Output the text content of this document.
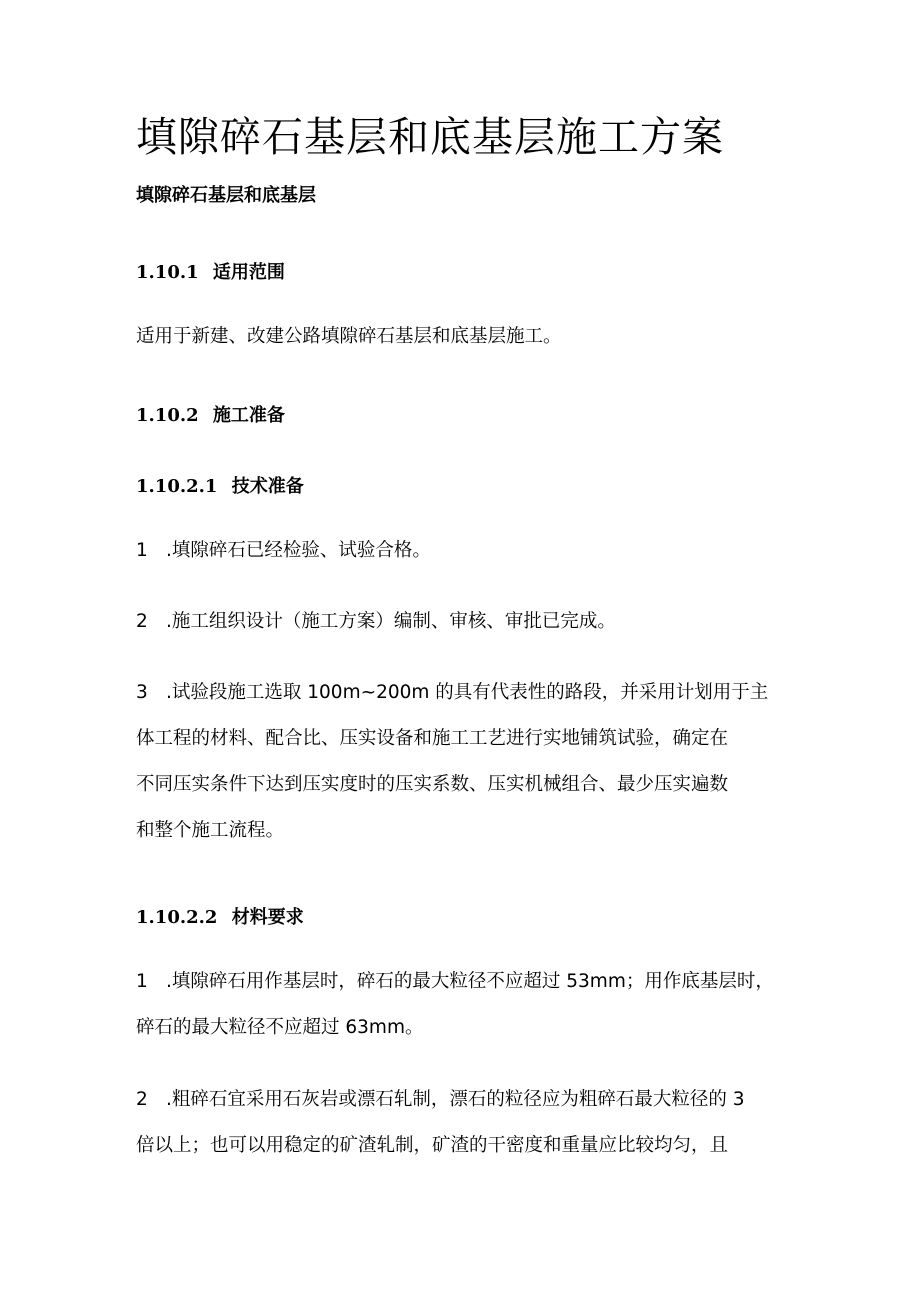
填隙碎石基层和底基层施工方案
填隙碎石基层和底基层
1.10.1 适用范围

适用于新建、改建公路填隙碎石基层和底基层施工。

1.10.2 施工准备
1.10.2.1 技术准备

1 .填隙碎石已经检验、试验合格。

2 .施工组织设计（施工方案）编制、审核、审批已完成。

3 .试验段施工选取 100m~200m 的具有代表性的路段，并采用计划用于主
体工程的材料、配合比、压实设备和施工工艺进行实地铺筑试验，确定在
不同压实条件下达到压实度时的压实系数、压实机械组合、最少压实遍数
和整个施工流程。

1.10.2.2 材料要求

1 .填隙碎石用作基层时，碎石的最大粒径不应超过 53mm；用作底基层时，
碎石的最大粒径不应超过 63mm。

2 .粗碎石宜采用石灰岩或漂石轧制，漂石的粒径应为粗碎石最大粒径的 3
倍以上；也可以用稳定的矿渣轧制，矿渣的干密度和重量应比较均匀，且
